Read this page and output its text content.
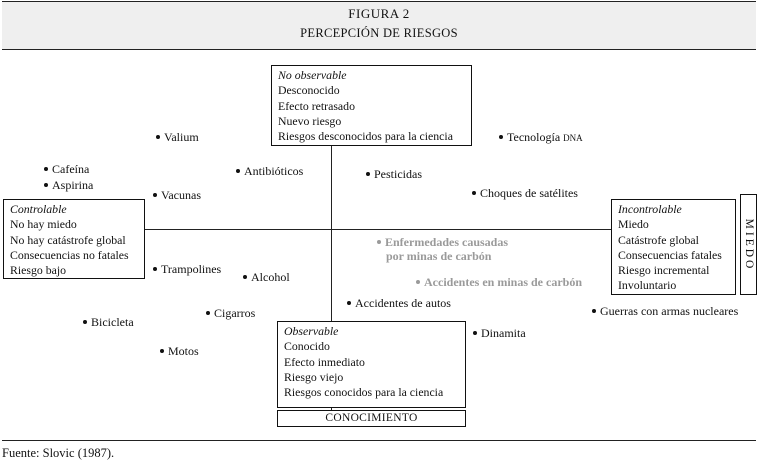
FIGURA 2
PERCEPCIÓN DE RIESGOS
No observable
Desconocido
Efecto retrasado
Nuevo riesgo
Riesgos desconocidos para la ciencia
Controlable
No hay miedo
No hay catástrofe global
Consecuencias no fatales
Riesgo bajo
Incontrolable
Miedo
Catástrofe global
Consecuencias fatales
Riesgo incremental
Involuntario
MIEDO
Observable
Conocido
Efecto inmediato
Riesgo viejo
Riesgos conocidos para la ciencia
CONOCIMIENTO
Valium	Tecnología DNA
Cafeína
Aspirina
Antibióticos	Pesticidas
Vacunas	Choques de satélites
Enfermedades causadas
por minas de carbón
Trampolines
Alcohol	Accidentes en minas de carbón
Accidentes de autos
Guerras con armas nucleares
Cigarros
Bicicleta
Dinamita
Motos
Fuente: Slovic (1987).
